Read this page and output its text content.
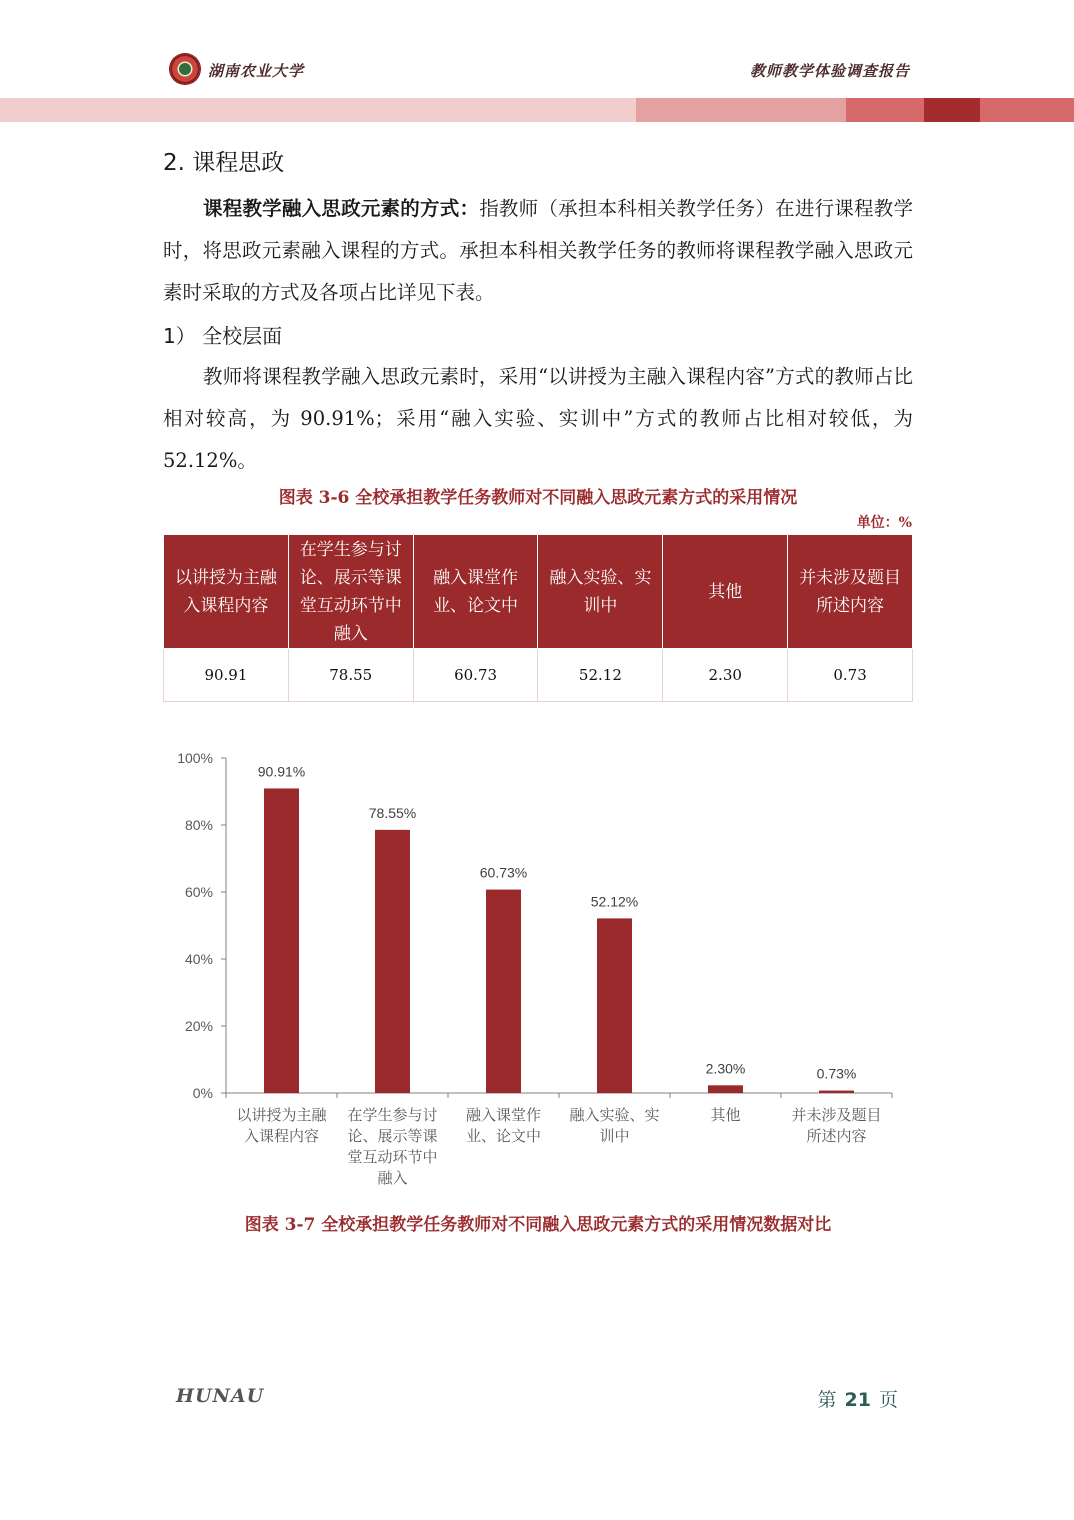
湖南农业大学	教师教学体验调查报告
2. 课程思政
课程教学融入思政元素的方式：指教师（承担本科相关教学任务）在进行课程教学时，将思政元素融入课程的方式。承担本科相关教学任务的教师将课程教学融入思政元素时采取的方式及各项占比详见下表。
1） 全校层面
教师将课程教学融入思政元素时，采用“以讲授为主融入课程内容”方式的教师占比相对较高，为 90.91%；采用“融入实验、实训中”方式的教师占比相对较低，为 52.12%。
图表 3-6 全校承担教学任务教师对不同融入思政元素方式的采用情况
单位：%
以讲授为主融入课程内容	在学生参与讨论、展示等课堂互动环节中融入	融入课堂作业、论文中	融入实验、实训中	其他	并未涉及题目所述内容
90.91	78.55	60.73	52.12	2.30	0.73
0%
20%
40%
60%
80%
100%
90.91%
以讲授为主融
入课程内容
78.55%
在学生参与讨
论、展示等课
堂互动环节中
融入
60.73%
融入课堂作
业、论文中
52.12%
融入实验、实
训中
2.30%
其他
0.73%
并未涉及题目
所述内容
图表 3-7 全校承担教学任务教师对不同融入思政元素方式的采用情况数据对比
HUNAU	第 21 页
